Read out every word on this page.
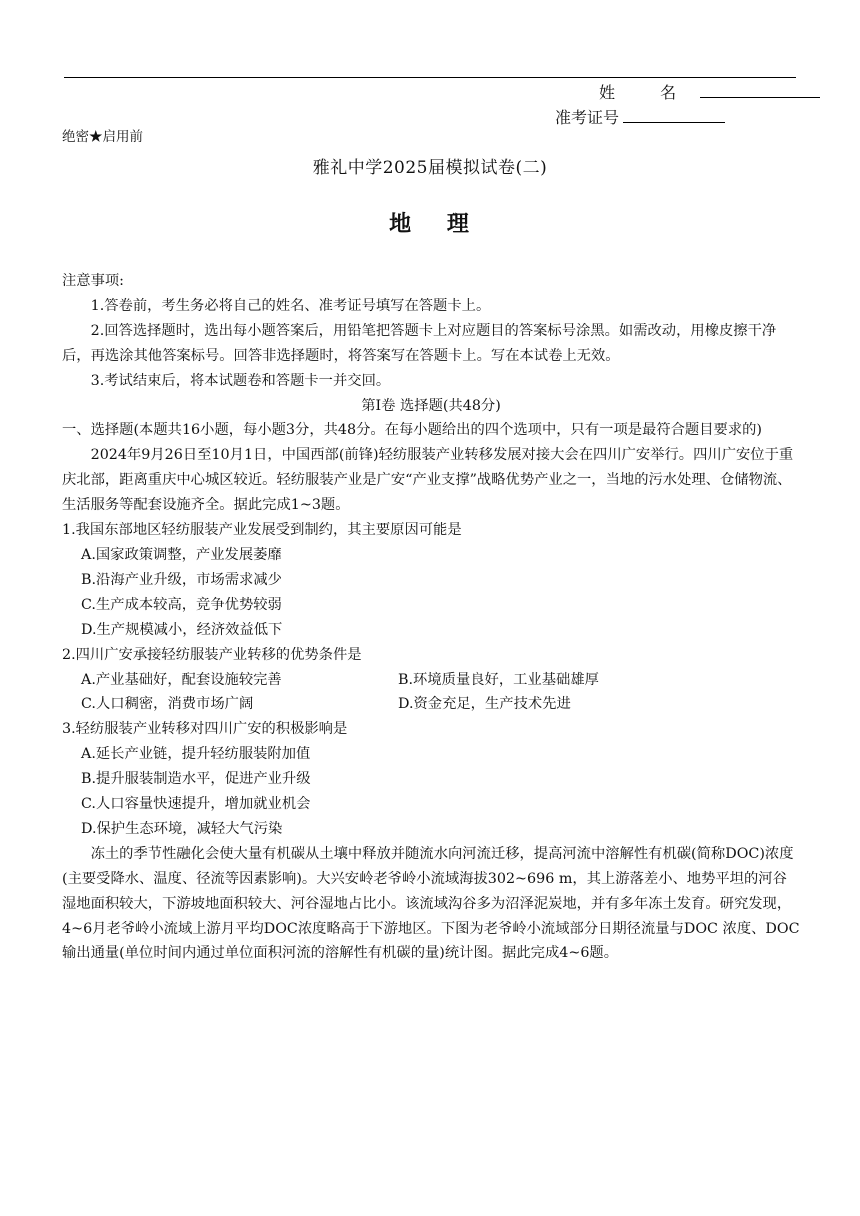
姓 名
准考证号
绝密★启用前
雅礼中学2025届模拟试卷(二)
地 理

注意事项:

1.答卷前，考生务必将自己的姓名、准考证号填写在答题卡上。

2.回答选择题时，选出每小题答案后，用铅笔把答题卡上对应题目的答案标号涂黑。如需改动，用橡皮擦干净后，再选涂其他答案标号。回答非选择题时，将答案写在答题卡上。写在本试卷上无效。

3.考试结束后，将本试题卷和答题卡一并交回。

第Ⅰ卷 选择题(共48分)

一、选择题(本题共16小题，每小题3分，共48分。在每小题给出的四个选项中，只有一项是最符合题目要求的)

2024年9月26日至10月1日，中国西部(前锋)轻纺服装产业转移发展对接大会在四川广安举行。四川广安位于重庆北部，距离重庆中心城区较近。轻纺服装产业是广安“产业支撑”战略优势产业之一，当地的污水处理、仓储物流、生活服务等配套设施齐全。据此完成1~3题。

1.我国东部地区轻纺服装产业发展受到制约，其主要原因可能是

A.国家政策调整，产业发展萎靡

B.沿海产业升级，市场需求减少

C.生产成本较高，竞争优势较弱

D.生产规模减小，经济效益低下

2.四川广安承接轻纺服装产业转移的优势条件是

A.产业基础好，配套设施较完善	B.环境质量良好，工业基础雄厚
C.人口稠密，消费市场广阔	D.资金充足，生产技术先进

3.轻纺服装产业转移对四川广安的积极影响是

A.延长产业链，提升轻纺服装附加值

B.提升服装制造水平，促进产业升级

C.人口容量快速提升，增加就业机会

D.保护生态环境，减轻大气污染

冻土的季节性融化会使大量有机碳从土壤中释放并随流水向河流迁移，提高河流中溶解性有机碳(简称DOC)浓度(主要受降水、温度、径流等因素影响)。大兴安岭老爷岭小流域海拔302~696 m，其上游落差小、地势平坦的河谷湿地面积较大，下游坡地面积较大、河谷湿地占比小。该流域沟谷多为沼泽泥炭地，并有多年冻土发育。研究发现，4~6月老爷岭小流域上游月平均DOC浓度略高于下游地区。下图为老爷岭小流域部分日期径流量与DOC 浓度、DOC输出通量(单位时间内通过单位面积河流的溶解性有机碳的量)统计图。据此完成4~6题。
